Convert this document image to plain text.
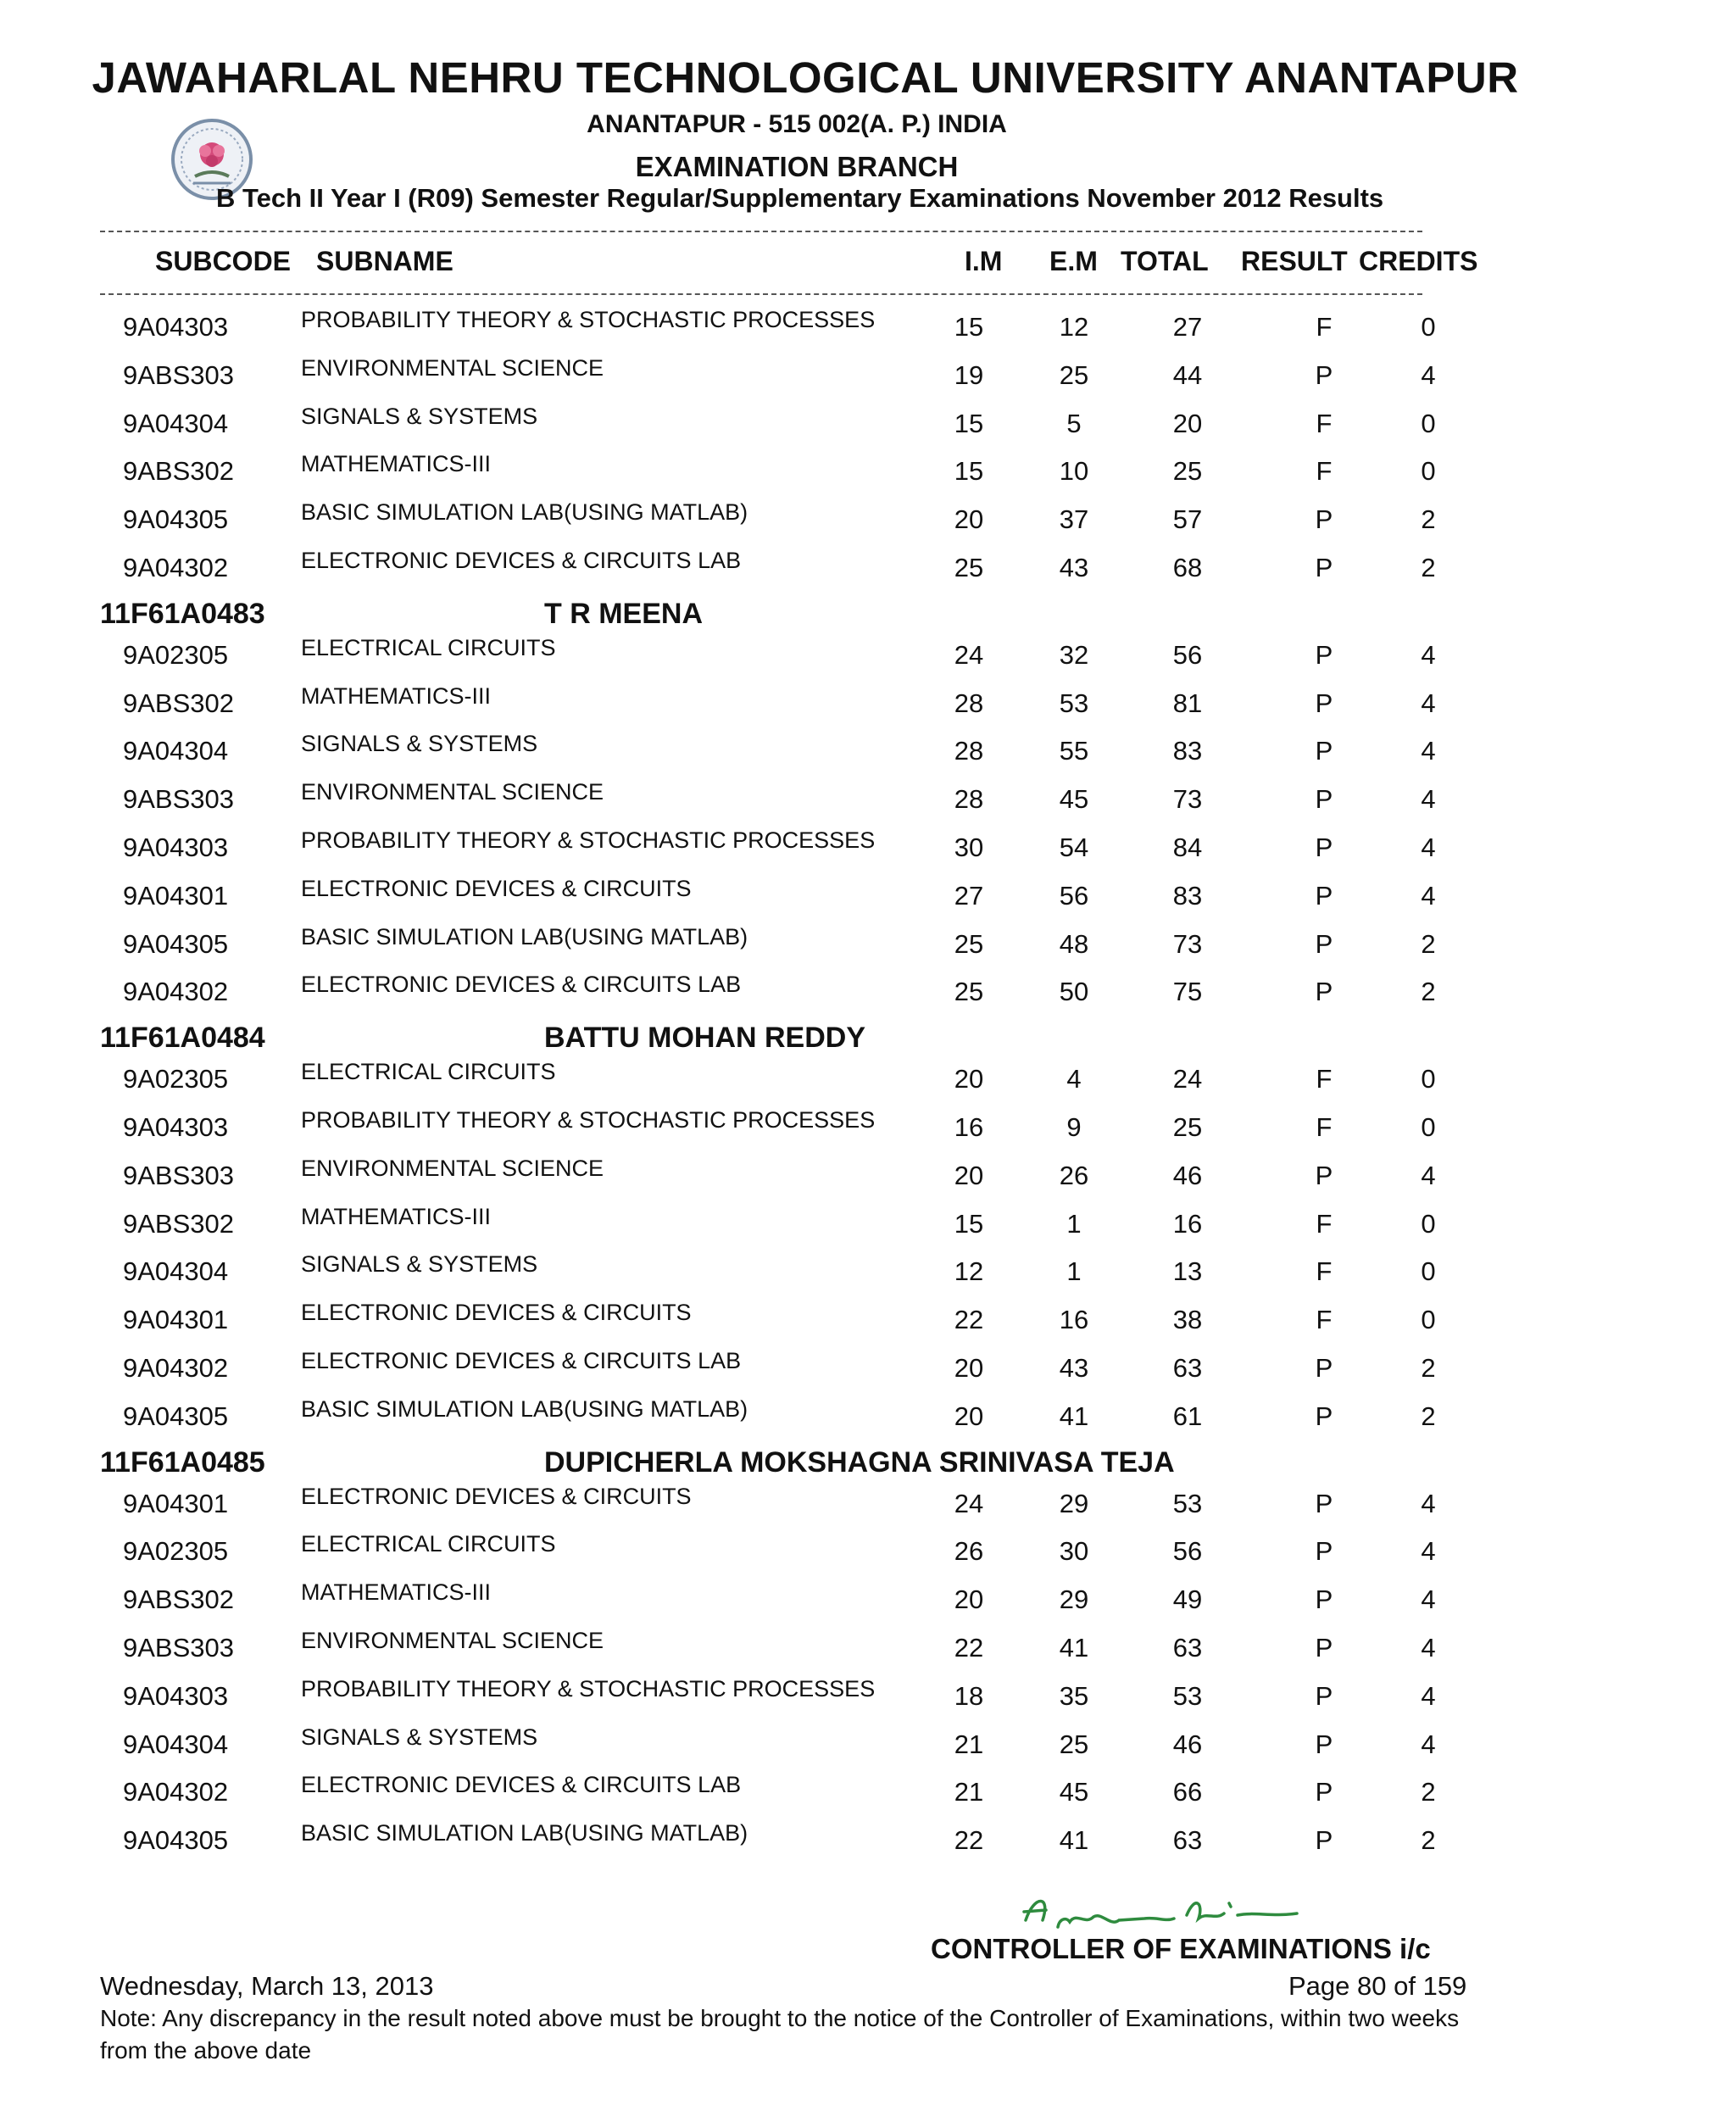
JAWAHARLAL NEHRU TECHNOLOGICAL UNIVERSITY ANANTAPUR
ANANTAPUR - 515 002(A. P.) INDIA
EXAMINATION BRANCH
B Tech II Year I (R09) Semester Regular/Supplementary Examinations November 2012 Results
SUBCODE SUBNAME	I.M E.M TOTAL RESULT CREDITS
9A04303	PROBABILITY THEORY & STOCHASTIC PROCESSES	15	12	27	F	0
9ABS303	ENVIRONMENTAL SCIENCE	19	25	44	P	4
9A04304	SIGNALS & SYSTEMS	15	5	20	F	0
9ABS302	MATHEMATICS-III	15	10	25	F	0
9A04305	BASIC SIMULATION LAB(USING MATLAB)	20	37	57	P	2
9A04302	ELECTRONIC DEVICES & CIRCUITS LAB	25	43	68	P	2
11F61A0483	T R MEENA
9A02305	ELECTRICAL CIRCUITS	24	32	56	P	4
9ABS302	MATHEMATICS-III	28	53	81	P	4
9A04304	SIGNALS & SYSTEMS	28	55	83	P	4
9ABS303	ENVIRONMENTAL SCIENCE	28	45	73	P	4
9A04303	PROBABILITY THEORY & STOCHASTIC PROCESSES	30	54	84	P	4
9A04301	ELECTRONIC DEVICES & CIRCUITS	27	56	83	P	4
9A04305	BASIC SIMULATION LAB(USING MATLAB)	25	48	73	P	2
9A04302	ELECTRONIC DEVICES & CIRCUITS LAB	25	50	75	P	2
11F61A0484	BATTU MOHAN REDDY
9A02305	ELECTRICAL CIRCUITS	20	4	24	F	0
9A04303	PROBABILITY THEORY & STOCHASTIC PROCESSES	16	9	25	F	0
9ABS303	ENVIRONMENTAL SCIENCE	20	26	46	P	4
9ABS302	MATHEMATICS-III	15	1	16	F	0
9A04304	SIGNALS & SYSTEMS	12	1	13	F	0
9A04301	ELECTRONIC DEVICES & CIRCUITS	22	16	38	F	0
9A04302	ELECTRONIC DEVICES & CIRCUITS LAB	20	43	63	P	2
9A04305	BASIC SIMULATION LAB(USING MATLAB)	20	41	61	P	2
11F61A0485	DUPICHERLA MOKSHAGNA SRINIVASA TEJA
9A04301	ELECTRONIC DEVICES & CIRCUITS	24	29	53	P	4
9A02305	ELECTRICAL CIRCUITS	26	30	56	P	4
9ABS302	MATHEMATICS-III	20	29	49	P	4
9ABS303	ENVIRONMENTAL SCIENCE	22	41	63	P	4
9A04303	PROBABILITY THEORY & STOCHASTIC PROCESSES	18	35	53	P	4
9A04304	SIGNALS & SYSTEMS	21	25	46	P	4
9A04302	ELECTRONIC DEVICES & CIRCUITS LAB	21	45	66	P	2
9A04305	BASIC SIMULATION LAB(USING MATLAB)	22	41	63	P	2
CONTROLLER OF EXAMINATIONS i/c
Wednesday, March 13, 2013	Page 80 of 159
Note: Any discrepancy in the result noted above must be brought to the notice of the Controller of Examinations, within two weeks from the above date
